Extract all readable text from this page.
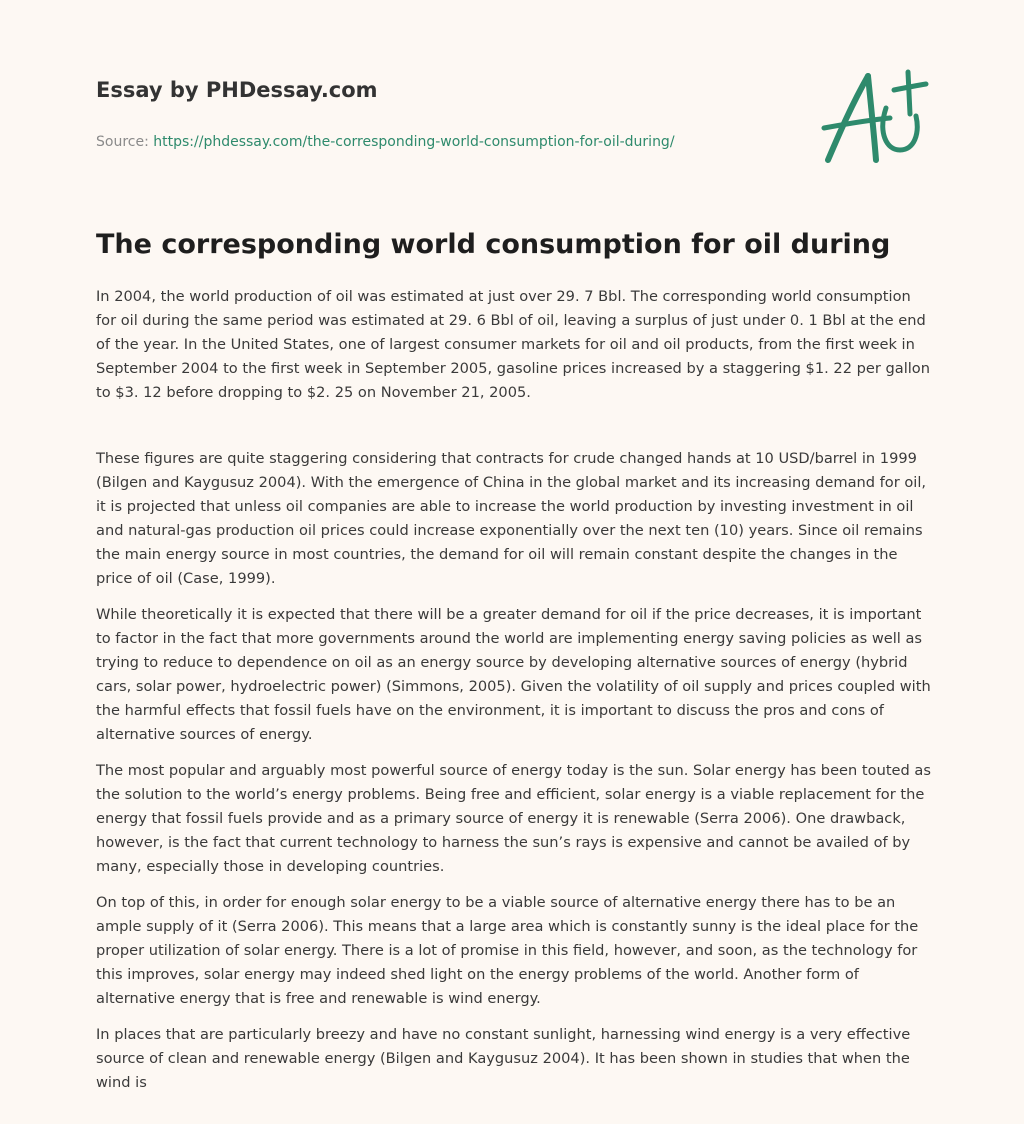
Essay by PHDessay.com
Source: https://phdessay.com/the-corresponding-world-consumption-for-oil-during/
The corresponding world consumption for oil during

In 2004, the world production of oil was estimated at just over 29. 7 Bbl. The corresponding world consumption for oil during the same period was estimated at 29. 6 Bbl of oil, leaving a surplus of just under 0. 1 Bbl at the end of the year. In the United States, one of largest consumer markets for oil and oil products, from the first week in September 2004 to the first week in September 2005, gasoline prices increased by a staggering $1. 22 per gallon to $3. 12 before dropping to $2. 25 on November 21, 2005.

These figures are quite staggering considering that contracts for crude changed hands at 10 USD/barrel in 1999 (Bilgen and Kaygusuz 2004). With the emergence of China in the global market and its increasing demand for oil, it is projected that unless oil companies are able to increase the world production by investing investment in oil and natural-gas production oil prices could increase exponentially over the next ten (10) years. Since oil remains the main energy source in most countries, the demand for oil will remain constant despite the changes in the price of oil (Case, 1999).

While theoretically it is expected that there will be a greater demand for oil if the price decreases, it is important to factor in the fact that more governments around the world are implementing energy saving policies as well as trying to reduce to dependence on oil as an energy source by developing alternative sources of energy (hybrid cars, solar power, hydroelectric power) (Simmons, 2005). Given the volatility of oil supply and prices coupled with the harmful effects that fossil fuels have on the environment, it is important to discuss the pros and cons of alternative sources of energy.

The most popular and arguably most powerful source of energy today is the sun. Solar energy has been touted as the solution to the world’s energy problems. Being free and efficient, solar energy is a viable replacement for the energy that fossil fuels provide and as a primary source of energy it is renewable (Serra 2006). One drawback, however, is the fact that current technology to harness the sun’s rays is expensive and cannot be availed of by many, especially those in developing countries.

On top of this, in order for enough solar energy to be a viable source of alternative energy there has to be an ample supply of it (Serra 2006). This means that a large area which is constantly sunny is the ideal place for the proper utilization of solar energy. There is a lot of promise in this field, however, and soon, as the technology for this improves, solar energy may indeed shed light on the energy problems of the world. Another form of alternative energy that is free and renewable is wind energy.

In places that are particularly breezy and have no constant sunlight, harnessing wind energy is a very effective source of clean and renewable energy (Bilgen and Kaygusuz 2004). It has been shown in studies that when the wind is
